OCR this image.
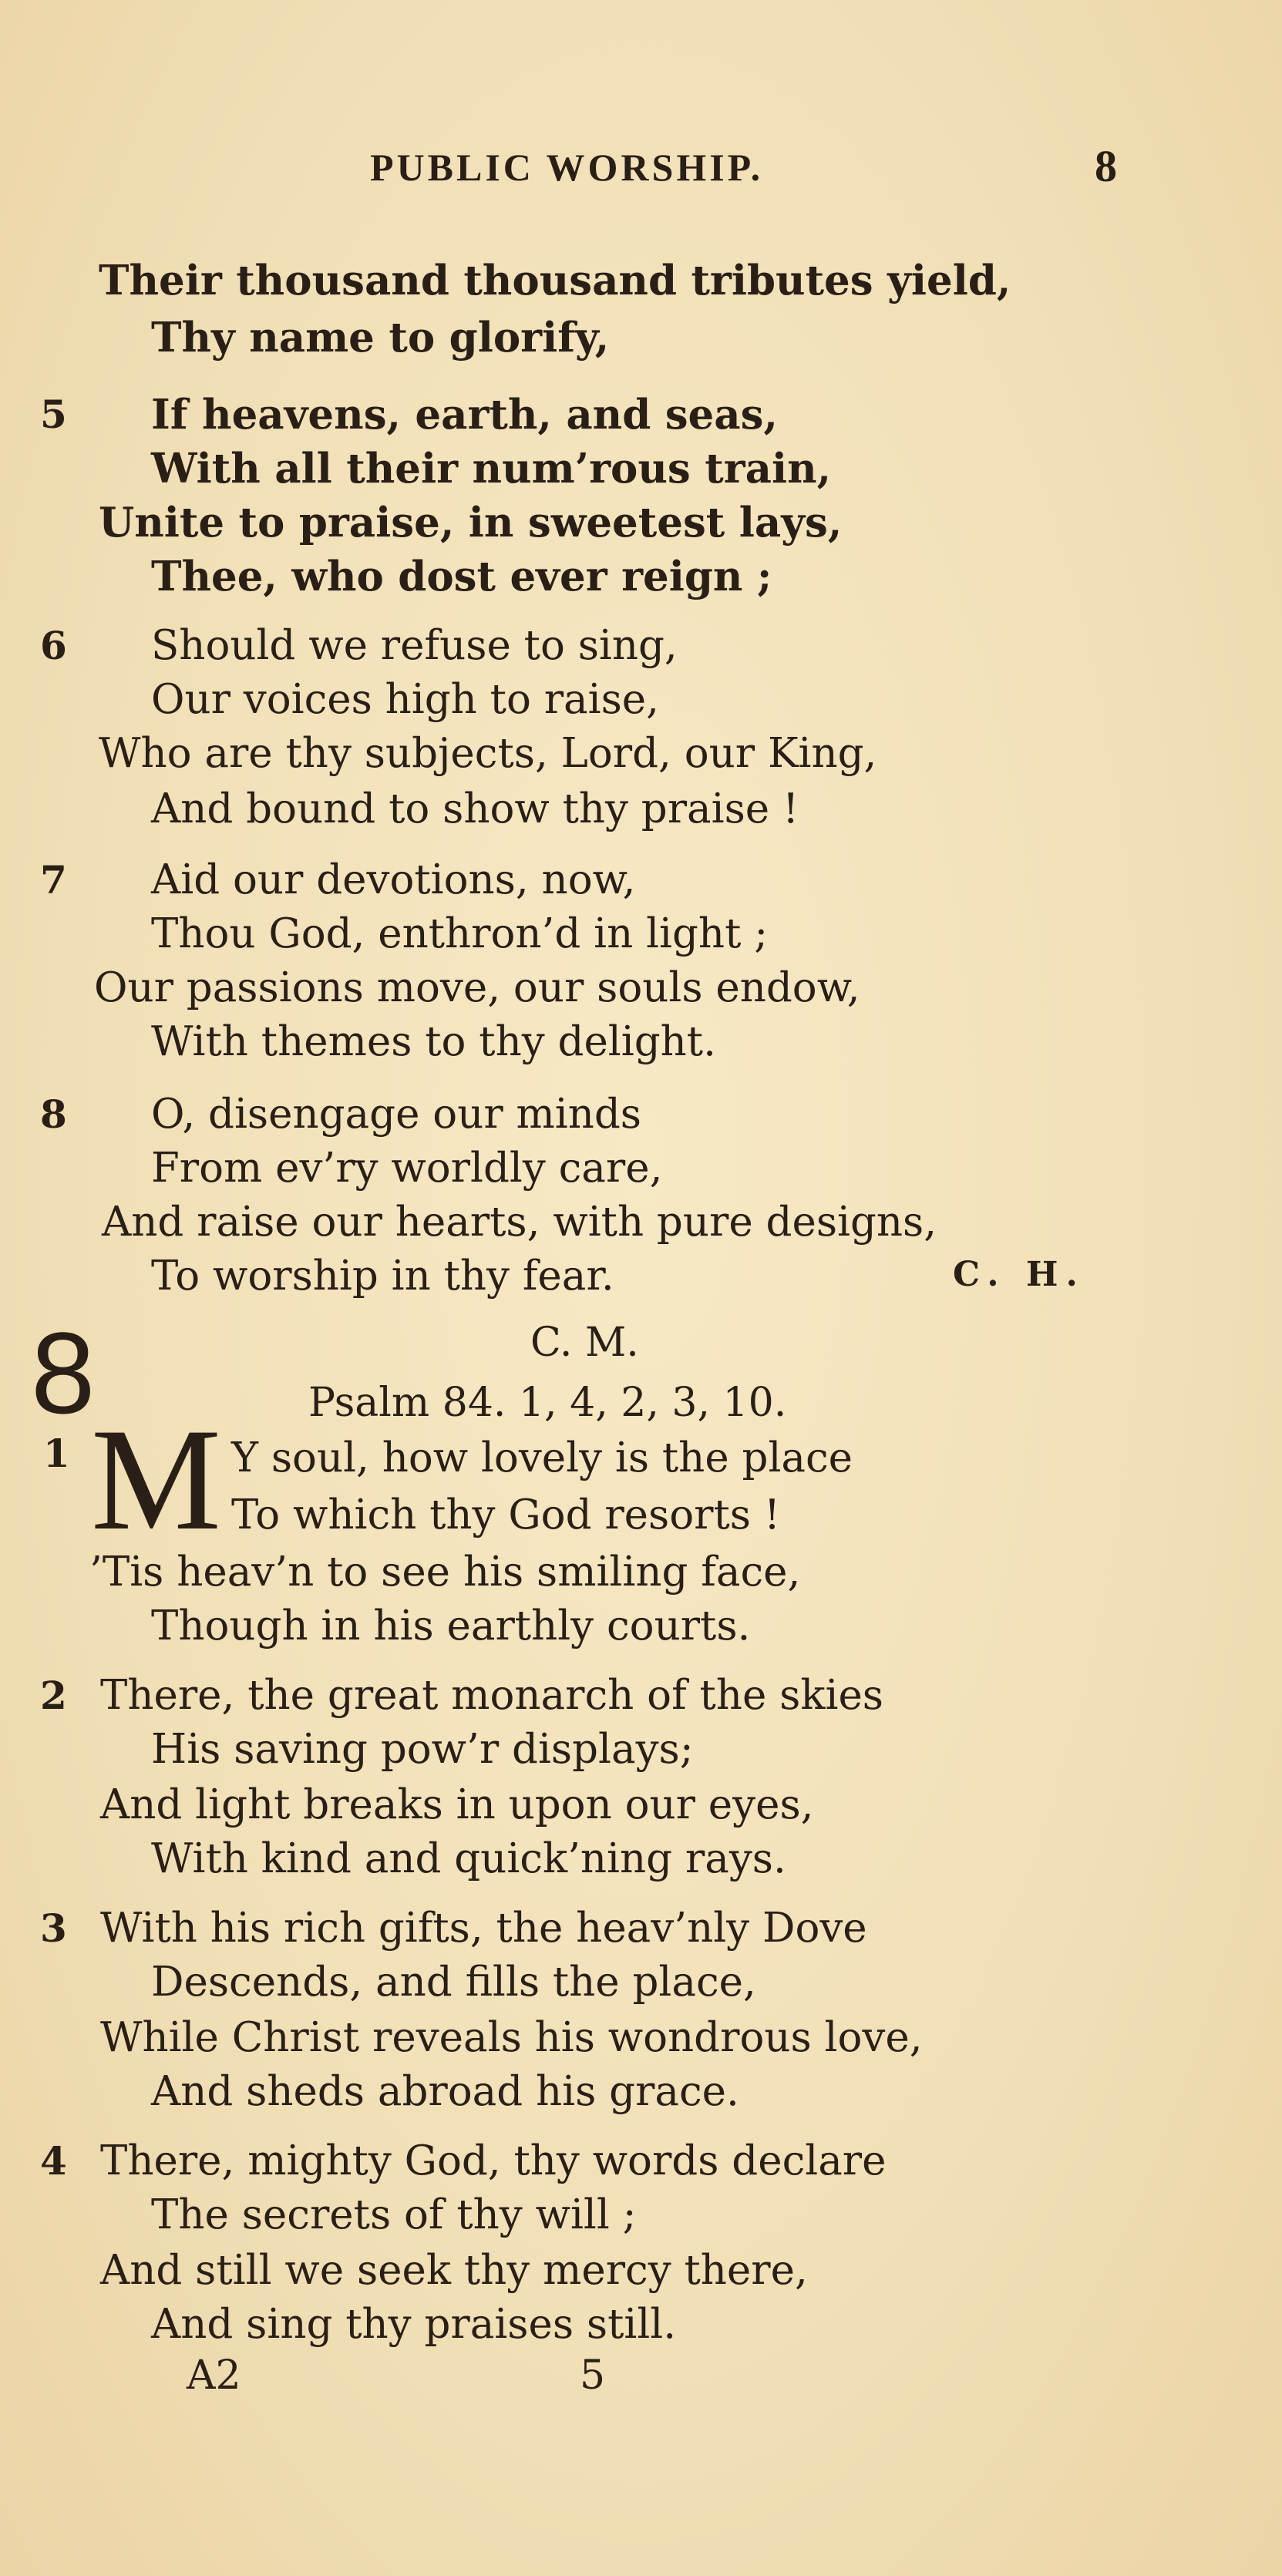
PUBLIC WORSHIP.	8
Their thousand thousand tributes yield,
Thy name to glorify,
5 If heavens, earth, and seas,
With all their num’rous train,
Unite to praise, in sweetest lays,
Thee, who dost ever reign ;
6 Should we refuse to sing,
Our voices high to raise,
Who are thy subjects, Lord, our King,
And bound to show thy praise !
7 Aid our devotions, now,
Thou God, enthron’d in light ;
Our passions move, our souls endow,
With themes to thy delight.
8 O, disengage our minds
From ev’ry worldly care,
And raise our hearts, with pure designs,
To worship in thy fear.	C. H.
8	C. M.
Psalm 84. 1, 4, 2, 3, 10.
1 M Y soul, how lovely is the place
To which thy God resorts !
’Tis heav’n to see his smiling face,
Though in his earthly courts.
2 There, the great monarch of the skies
His saving pow’r displays;
And light breaks in upon our eyes,
With kind and quick’ning rays.
3 With his rich gifts, the heav’nly Dove
Descends, and fills the place,
While Christ reveals his wondrous love,
And sheds abroad his grace.
4 There, mighty God, thy words declare
The secrets of thy will ;
And still we seek thy mercy there,
And sing thy praises still.
A2	5
